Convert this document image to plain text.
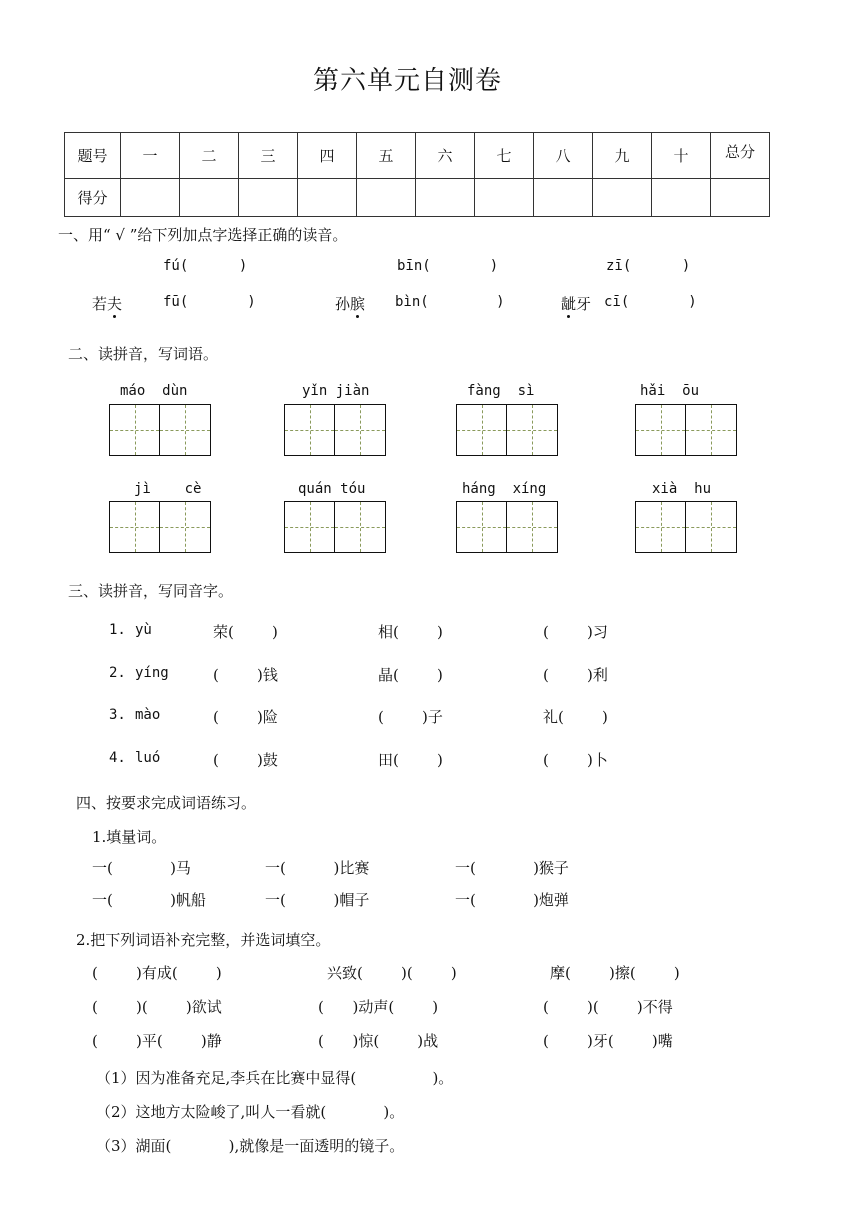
第六单元自测卷
题号	一	二	三	四	五	六	七	八	九	十	总分
得分											
一、用“ √ ”给下列加点字选择正确的读音。
fú(      )	bīn(       )	zī(      )
若夫	孙膑	龇牙
fū(       )	bìn(        )	cī(       )
二、读拼音，写词语。
máo  dùn	yǐn jiàn	fàng  sì	hǎi  ōu
jì    cè	quán tóu	háng  xíng	xià  hu
三、读拼音，写同音字。
1. yù	荣(        )	相(        )	(        )习
2. yíng	(        )钱	晶(        )	(        )利
3. mào	(        )险	(        )子	礼(        )
4. luó	(        )鼓	田(        )	(        )卜
四、按要求完成词语练习。
1.填量词。
一(            )马	一(          )比赛	一(            )猴子
一(            )帆船	一(          )帽子	一(            )炮弹
2.把下列词语补充完整，并选词填空。
(        )有成(        )	兴致(        )(        )	摩(        )擦(        )
(        )(        )欲试	(      )动声(        )	(        )(        )不得
(        )平(        )静	(      )惊(        )战	(        )牙(        )嘴
（1）因为准备充足,李兵在比赛中显得(                )。
（2）这地方太险峻了,叫人一看就(            )。
（3）湖面(            ),就像是一面透明的镜子。
